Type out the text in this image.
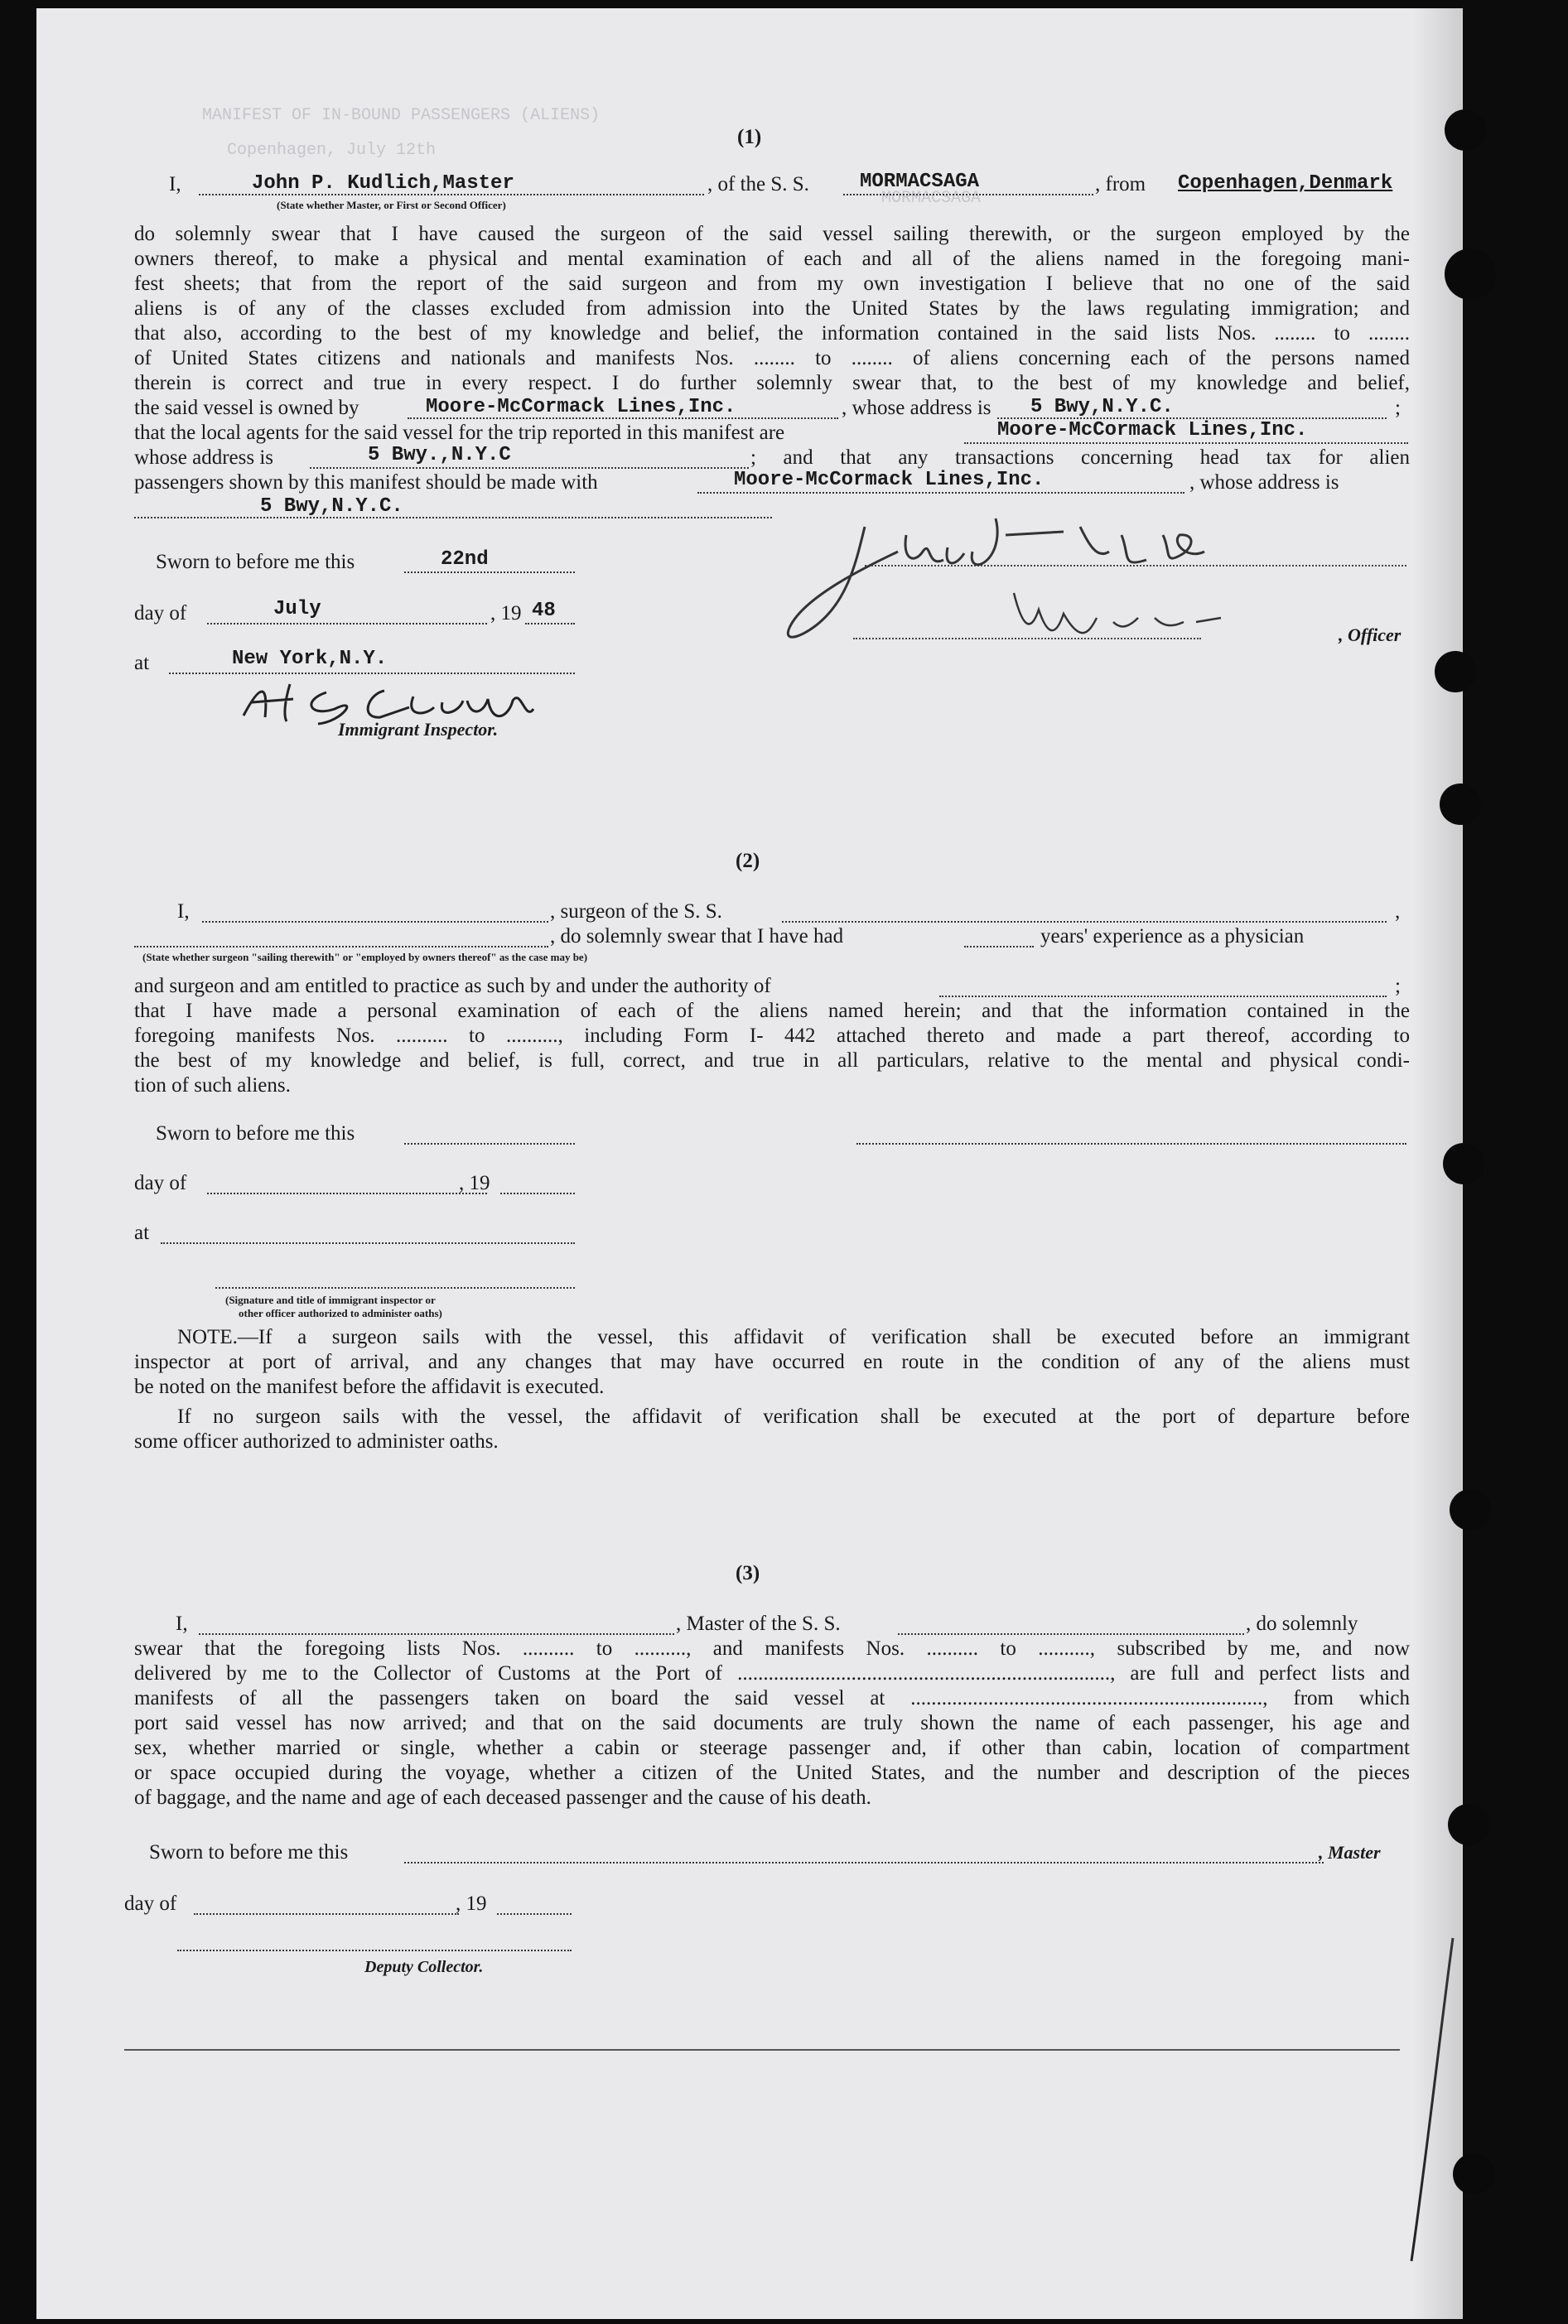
MANIFEST OF IN-BOUND PASSENGERS (ALIENS)
Copenhagen, July 12th
MORMACSAGA
(1)
I,	John P. Kudlich,Master
(State whether Master, or First or Second Officer)
, of the S. S.	MORMACSAGA	, from Copenhagen,Denmark
do solemnly swear that I have caused the surgeon of the said vessel sailing therewith, or the surgeon employed by the
owners thereof, to make a physical and mental examination of each and all of the aliens named in the foregoing mani-
fest sheets; that from the report of the said surgeon and from my own investigation I believe that no one of the said
aliens is of any of the classes excluded from admission into the United States by the laws regulating immigration; and
that also, according to the best of my knowledge and belief, the information contained in the said lists Nos. ........ to ........
of United States citizens and nationals and manifests Nos. ........ to ........ of aliens concerning each of the persons named
therein is correct and true in every respect. I do further solemnly swear that, to the best of my knowledge and belief,
the said vessel is owned by	Moore-McCormack Lines,Inc.	, whose address is 5 Bwy,N.Y.C.	;
that the local agents for the said vessel for the trip reported in this manifest are	Moore-McCormack Lines,Inc.
whose address is	5 Bwy.,N.Y.C	; and that any transactions concerning head tax for alien
passengers shown by this manifest should be made with	Moore-McCormack Lines,Inc.	, whose address is
5 Bwy,N.Y.C.
Sworn to before me this	22nd
day of	July	, 19 48
at	New York,N.Y.
Immigrant Inspector.
, Officer
(2)
I,	, surgeon of the S. S.	,
(State whether surgeon "sailing therewith" or "employed by owners thereof" as the case may be)
, do solemnly swear that I have had	years' experience as a physician
and surgeon and am entitled to practice as such by and under the authority of	;
that I have made a personal examination of each of the aliens named herein; and that the information contained in the
foregoing manifests Nos. .......... to .........., including Form I- 442 attached thereto and made a part thereof, according to
the best of my knowledge and belief, is full, correct, and true in all particulars, relative to the mental and physical condi-
tion of such aliens.
Sworn to before me this
day of	, 19
at
(Signature and title of immigrant inspector or
other officer authorized to administer oaths)
NOTE.—If a surgeon sails with the vessel, this affidavit of verification shall be executed before an immigrant
inspector at port of arrival, and any changes that may have occurred en route in the condition of any of the aliens must
be noted on the manifest before the affidavit is executed.
If no surgeon sails with the vessel, the affidavit of verification shall be executed at the port of departure before
some officer authorized to administer oaths.
(3)
I,	, Master of the S. S.	, do solemnly
swear that the foregoing lists Nos. .......... to .........., and manifests Nos. .......... to .........., subscribed by me, and now
delivered by me to the Collector of Customs at the Port of ........................................................................, are full and perfect lists and
manifests of all the passengers taken on board the said vessel at ...................................................................., from which
port said vessel has now arrived; and that on the said documents are truly shown the name of each passenger, his age and
sex, whether married or single, whether a cabin or steerage passenger and, if other than cabin, location of compartment
or space occupied during the voyage, whether a citizen of the United States, and the number and description of the pieces
of baggage, and the name and age of each deceased passenger and the cause of his death.
Sworn to before me this	, Master
day of	, 19
Deputy Collector.
